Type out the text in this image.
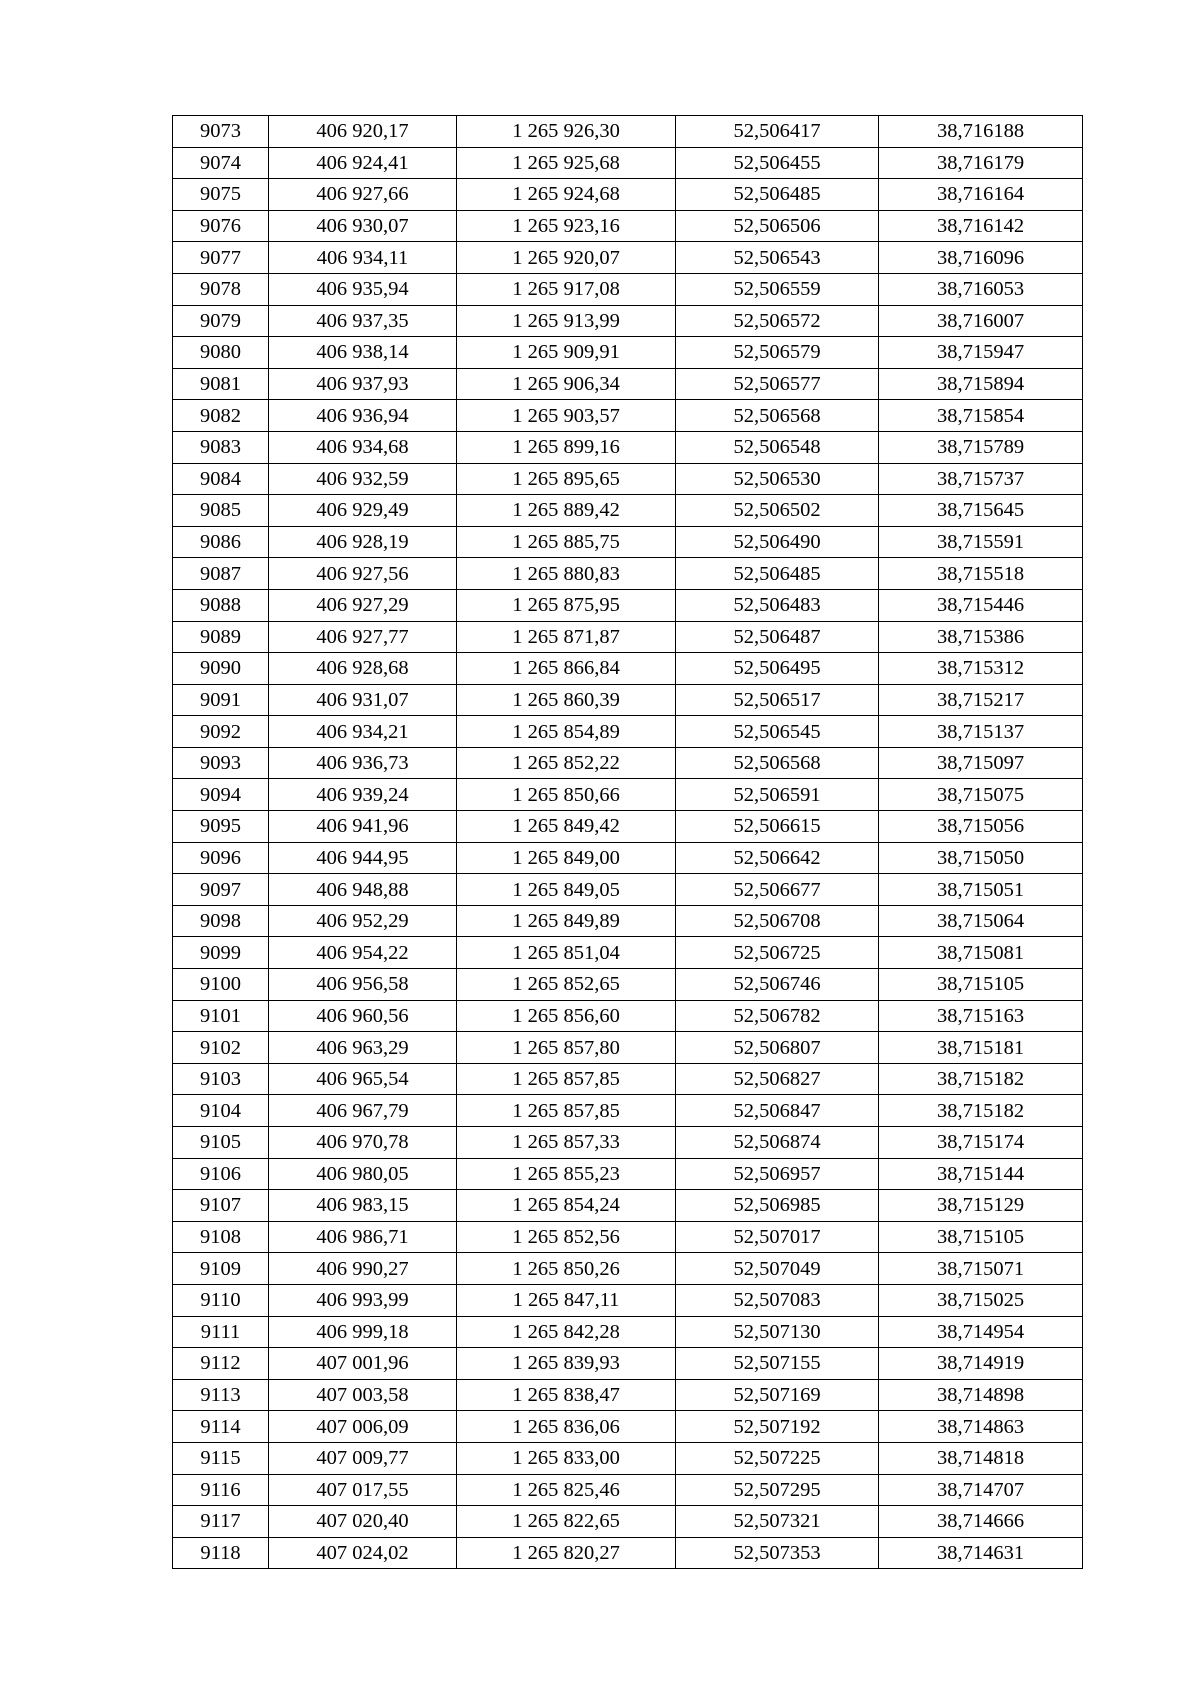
9073	406 920,17	1 265 926,30	52,506417	38,716188
9074	406 924,41	1 265 925,68	52,506455	38,716179
9075	406 927,66	1 265 924,68	52,506485	38,716164
9076	406 930,07	1 265 923,16	52,506506	38,716142
9077	406 934,11	1 265 920,07	52,506543	38,716096
9078	406 935,94	1 265 917,08	52,506559	38,716053
9079	406 937,35	1 265 913,99	52,506572	38,716007
9080	406 938,14	1 265 909,91	52,506579	38,715947
9081	406 937,93	1 265 906,34	52,506577	38,715894
9082	406 936,94	1 265 903,57	52,506568	38,715854
9083	406 934,68	1 265 899,16	52,506548	38,715789
9084	406 932,59	1 265 895,65	52,506530	38,715737
9085	406 929,49	1 265 889,42	52,506502	38,715645
9086	406 928,19	1 265 885,75	52,506490	38,715591
9087	406 927,56	1 265 880,83	52,506485	38,715518
9088	406 927,29	1 265 875,95	52,506483	38,715446
9089	406 927,77	1 265 871,87	52,506487	38,715386
9090	406 928,68	1 265 866,84	52,506495	38,715312
9091	406 931,07	1 265 860,39	52,506517	38,715217
9092	406 934,21	1 265 854,89	52,506545	38,715137
9093	406 936,73	1 265 852,22	52,506568	38,715097
9094	406 939,24	1 265 850,66	52,506591	38,715075
9095	406 941,96	1 265 849,42	52,506615	38,715056
9096	406 944,95	1 265 849,00	52,506642	38,715050
9097	406 948,88	1 265 849,05	52,506677	38,715051
9098	406 952,29	1 265 849,89	52,506708	38,715064
9099	406 954,22	1 265 851,04	52,506725	38,715081
9100	406 956,58	1 265 852,65	52,506746	38,715105
9101	406 960,56	1 265 856,60	52,506782	38,715163
9102	406 963,29	1 265 857,80	52,506807	38,715181
9103	406 965,54	1 265 857,85	52,506827	38,715182
9104	406 967,79	1 265 857,85	52,506847	38,715182
9105	406 970,78	1 265 857,33	52,506874	38,715174
9106	406 980,05	1 265 855,23	52,506957	38,715144
9107	406 983,15	1 265 854,24	52,506985	38,715129
9108	406 986,71	1 265 852,56	52,507017	38,715105
9109	406 990,27	1 265 850,26	52,507049	38,715071
9110	406 993,99	1 265 847,11	52,507083	38,715025
9111	406 999,18	1 265 842,28	52,507130	38,714954
9112	407 001,96	1 265 839,93	52,507155	38,714919
9113	407 003,58	1 265 838,47	52,507169	38,714898
9114	407 006,09	1 265 836,06	52,507192	38,714863
9115	407 009,77	1 265 833,00	52,507225	38,714818
9116	407 017,55	1 265 825,46	52,507295	38,714707
9117	407 020,40	1 265 822,65	52,507321	38,714666
9118	407 024,02	1 265 820,27	52,507353	38,714631
